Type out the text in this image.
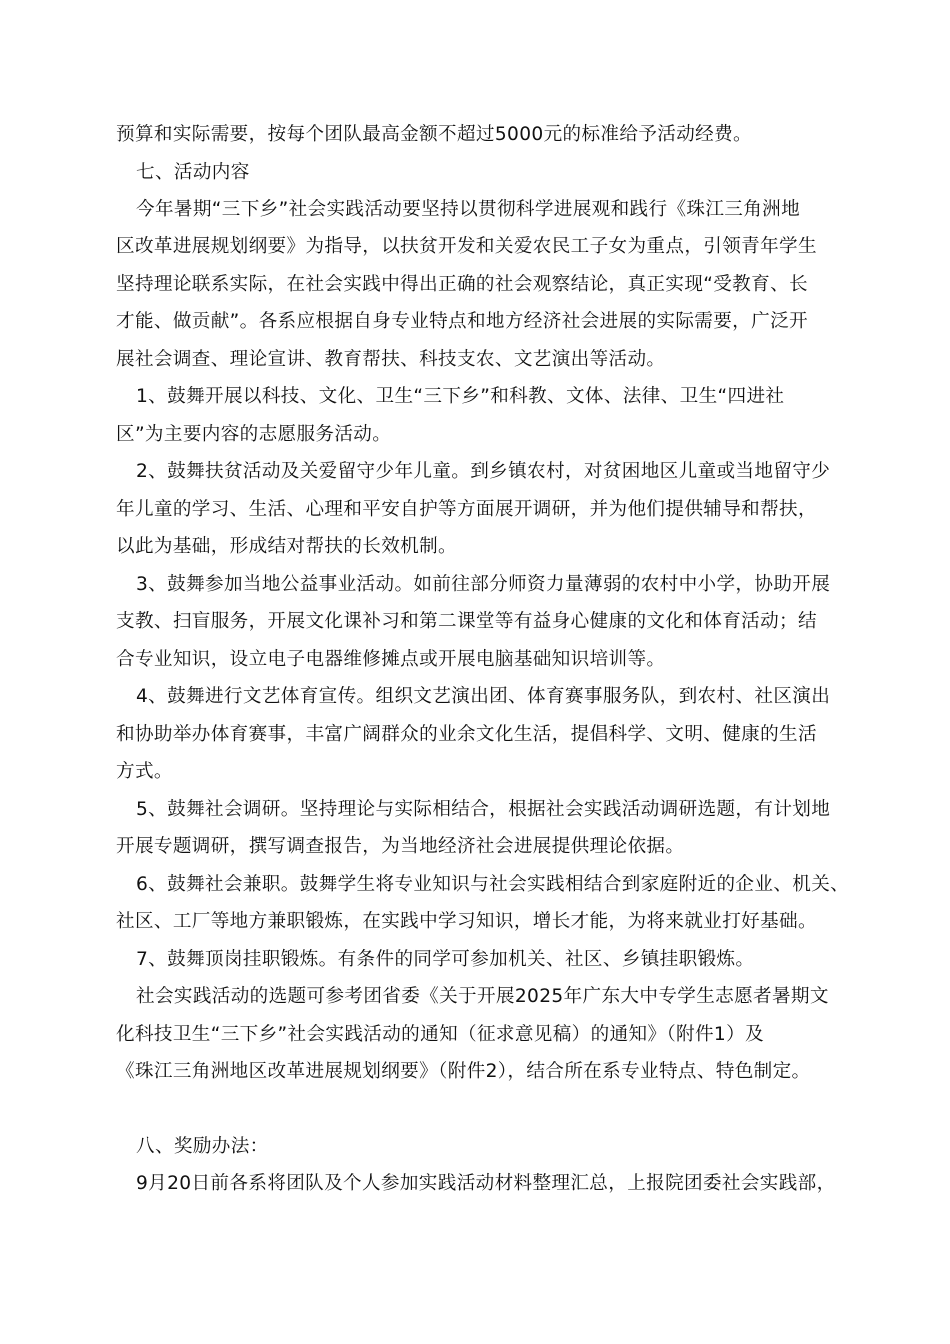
预算和实际需要，按每个团队最高金额不超过5000元的标准给予活动经费。
七、活动内容
今年暑期“三下乡”社会实践活动要坚持以贯彻科学进展观和践行《珠江三角洲地
区改革进展规划纲要》为指导，以扶贫开发和关爱农民工子女为重点，引领青年学生
坚持理论联系实际，在社会实践中得出正确的社会观察结论，真正实现“受教育、长
才能、做贡献”。各系应根据自身专业特点和地方经济社会进展的实际需要，广泛开
展社会调查、理论宣讲、教育帮扶、科技支农、文艺演出等活动。
1、鼓舞开展以科技、文化、卫生“三下乡”和科教、文体、法律、卫生“四进社
区”为主要内容的志愿服务活动。
2、鼓舞扶贫活动及关爱留守少年儿童。到乡镇农村，对贫困地区儿童或当地留守少
年儿童的学习、生活、心理和平安自护等方面展开调研，并为他们提供辅导和帮扶，
以此为基础，形成结对帮扶的长效机制。
3、鼓舞参加当地公益事业活动。如前往部分师资力量薄弱的农村中小学，协助开展
支教、扫盲服务，开展文化课补习和第二课堂等有益身心健康的文化和体育活动；结
合专业知识，设立电子电器维修摊点或开展电脑基础知识培训等。
4、鼓舞进行文艺体育宣传。组织文艺演出团、体育赛事服务队，到农村、社区演出
和协助举办体育赛事，丰富广阔群众的业余文化生活，提倡科学、文明、健康的生活
方式。
5、鼓舞社会调研。坚持理论与实际相结合，根据社会实践活动调研选题，有计划地
开展专题调研，撰写调查报告，为当地经济社会进展提供理论依据。
6、鼓舞社会兼职。鼓舞学生将专业知识与社会实践相结合到家庭附近的企业、机关、
社区、工厂等地方兼职锻炼，在实践中学习知识，增长才能，为将来就业打好基础。
7、鼓舞顶岗挂职锻炼。有条件的同学可参加机关、社区、乡镇挂职锻炼。
社会实践活动的选题可参考团省委《关于开展2025年广东大中专学生志愿者暑期文
化科技卫生“三下乡”社会实践活动的通知（征求意见稿）的通知》（附件1）及
《珠江三角洲地区改革进展规划纲要》（附件2），结合所在系专业特点、特色制定。
八、奖励办法：
9月20日前各系将团队及个人参加实践活动材料整理汇总，上报院团委社会实践部，
